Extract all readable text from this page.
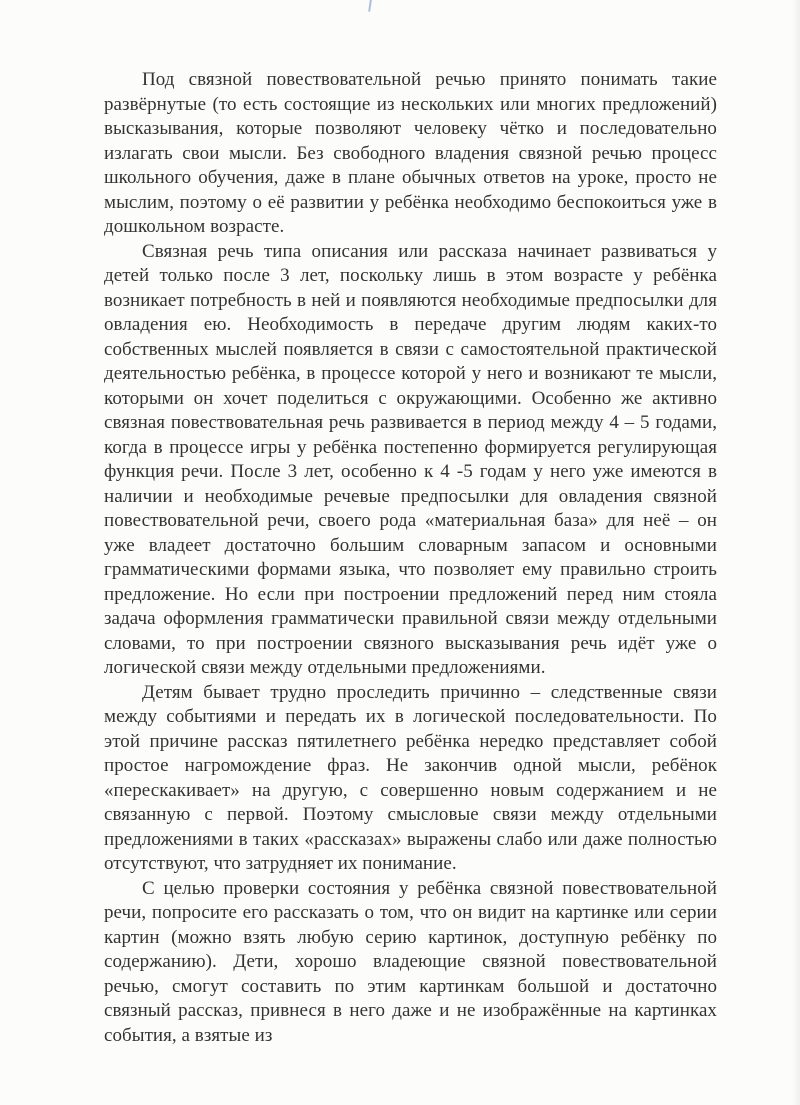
Под связной повествовательной речью принято понимать такие развёрнутые (то есть состоящие из нескольких или многих предложений) высказывания, которые позволяют человеку чётко и последовательно излагать свои мысли. Без свободного владения связной речью процесс школьного обучения, даже в плане обычных ответов на уроке, просто не мыслим, поэтому о её развитии у ребёнка необходимо беспокоиться уже в дошкольном возрасте.

Связная речь типа описания или рассказа начинает развиваться у детей только после 3 лет, поскольку лишь в этом возрасте у ребёнка возникает потребность в ней и появляются необходимые предпосылки для овладения ею. Необходимость в передаче другим людям каких-то собственных мыслей появляется в связи с самостоятельной практической деятельностью ребёнка, в процессе которой у него и возникают те мысли, которыми он хочет поделиться с окружающими. Особенно же активно связная повествовательная речь развивается в период между 4 – 5 годами, когда в процессе игры у ребёнка постепенно формируется регулирующая функция речи. После 3 лет, особенно к 4 -5 годам у него уже имеются в наличии и необходимые речевые предпосылки для овладения связной повествовательной речи, своего рода «материальная база» для неё – он уже владеет достаточно большим словарным запасом и основными грамматическими формами языка, что позволяет ему правильно строить предложение. Но если при построении предложений перед ним стояла задача оформления грамматически правильной связи между отдельными словами, то при построении связного высказывания речь идёт уже о логической связи между отдельными предложениями.

Детям бывает трудно проследить причинно – следственные связи между событиями и передать их в логической последовательности. По этой причине рассказ пятилетнего ребёнка нередко представляет собой простое нагромождение фраз. Не закончив одной мысли, ребёнок «перескакивает» на другую, с совершенно новым содержанием и не связанную с первой. Поэтому смысловые связи между отдельными предложениями в таких «рассказах» выражены слабо или даже полностью отсутствуют, что затрудняет их понимание.

С целью проверки состояния у ребёнка связной повествовательной речи, попросите его рассказать о том, что он видит на картинке или серии картин (можно взять любую серию картинок, доступную ребёнку по содержанию). Дети, хорошо владеющие связной повествовательной речью, смогут составить по этим картинкам большой и достаточно связный рассказ, привнеся в него даже и не изображённые на картинках события, а взятые из
